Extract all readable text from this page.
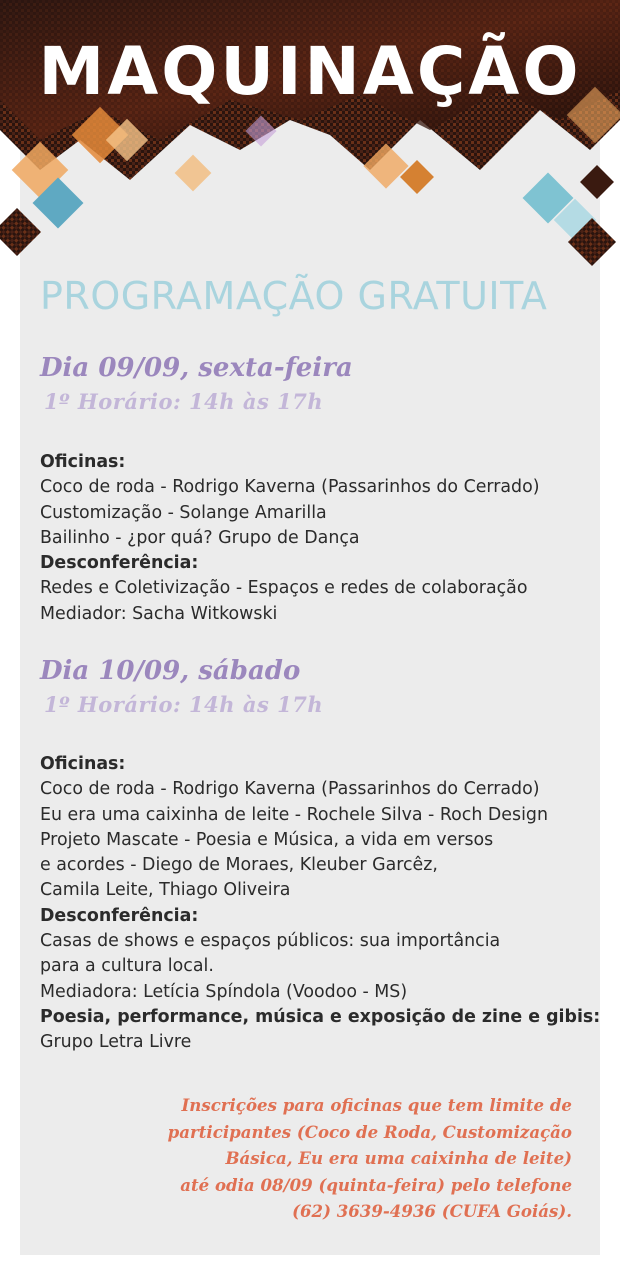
MAQUINAÇÃO
PROGRAMAÇÃO GRATUITA
Dia 09/09, sexta-feira
1º Horário: 14h às 17h
Oficinas:
Coco de roda - Rodrigo Kaverna (Passarinhos do Cerrado)
Customização - Solange Amarilla
Bailinho - ¿por quá? Grupo de Dança
Desconferência:
Redes e Coletivização - Espaços e redes de colaboração
Mediador: Sacha Witkowski
Dia 10/09, sábado
1º Horário: 14h às 17h
Oficinas:
Coco de roda - Rodrigo Kaverna (Passarinhos do Cerrado)
Eu era uma caixinha de leite - Rochele Silva - Roch Design
Projeto Mascate - Poesia e Música, a vida em versos
e acordes - Diego de Moraes, Kleuber Garcêz,
Camila Leite, Thiago Oliveira
Desconferência:
Casas de shows e espaços públicos: sua importância
para a cultura local.
Mediadora: Letícia Spíndola (Voodoo - MS)
Poesia, performance, música e exposição de zine e gibis:
Grupo Letra Livre
Inscrições para oficinas que tem limite de
participantes (Coco de Roda, Customização
Básica, Eu era uma caixinha de leite)
até odia 08/09 (quinta-feira) pelo telefone
(62) 3639-4936 (CUFA Goiás).
